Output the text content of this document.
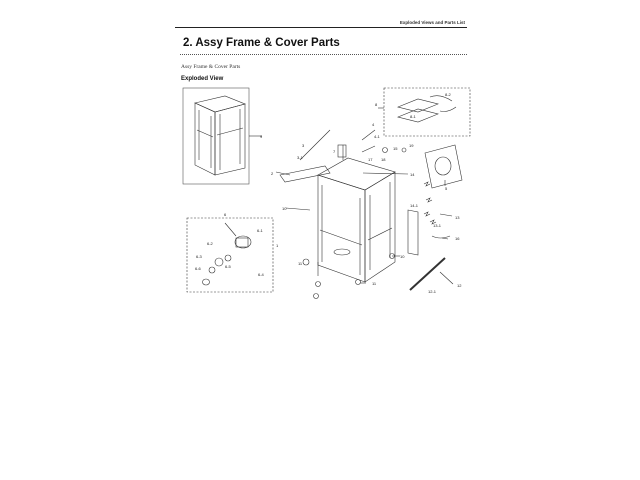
Exploded Views and Parts List
2. Assy Frame & Cover Parts
Assy Frame & Cover Parts
Exploded View
9
2
3-1
3
7
4
4-1
8
8-1
8-2
15
17 18
19
14
5
14-1
13
13-1
16
10
1
10
11
11	12
12-1
6
6-1
6-2
6-3
6-4
6-5
6-6
